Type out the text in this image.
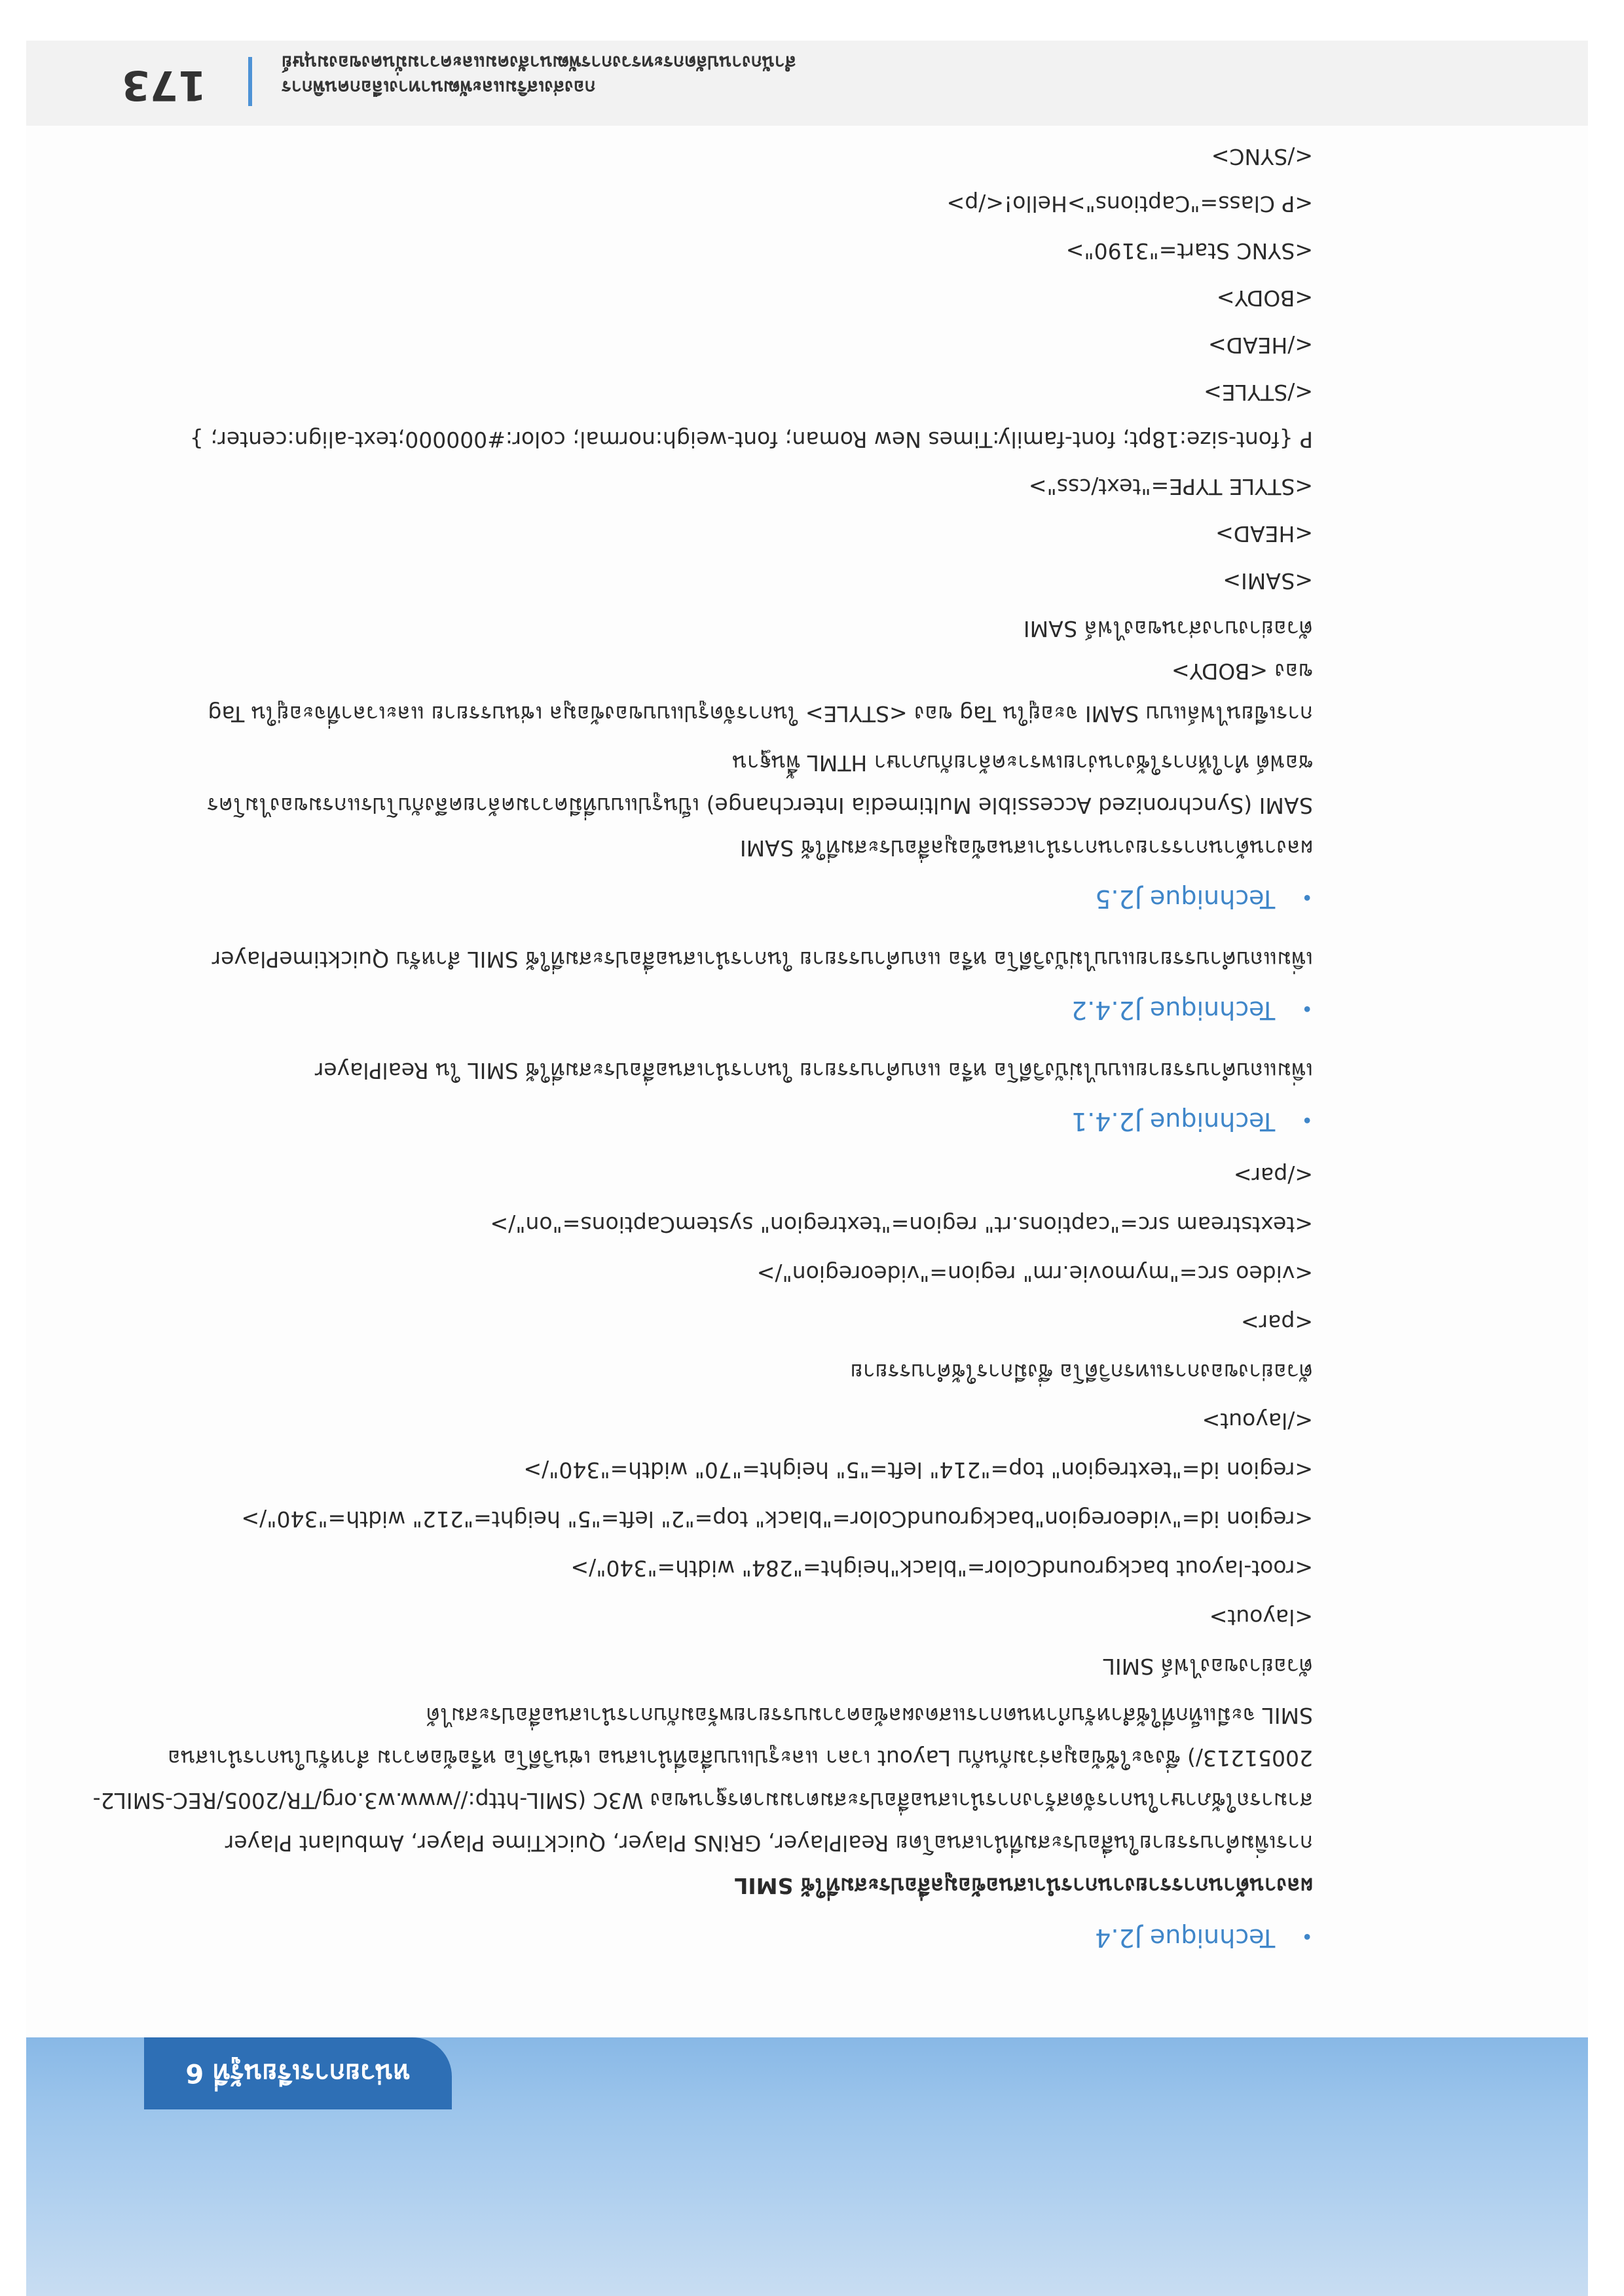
หน่วยการเรียนรู้ที่ 6
•Technique J2.4
ผลงานด้านการรายงานการนำเสนอข้อมูลสื่อประสมที่ใช้ SMIL
การเพิ่มคำบรรยายในสื่อประสมที่นำเสนอโดย RealPlayer, GRiNS Player, QuickTime Player, Ambulant Player
สามารถใช้ภาษาในการจัดสร้างการนำเสนอสื่อประสมตามมาตรฐานของ W3C (SMIL-http://www.w3.org/TR/2005/REC-SMIL2-
20051213/) ซึ่งจะใช้ข้อมูลร่วมกันกับ Layout เวลา และรูปแบบสื่อที่นำเสนอ เช่นวิดีโอ หรือข้อความ สำหรับในการนำเสนอ
SMIL จะมีแท็กที่ใช้สำหรับกำหนดการแสดงผลข้อความบรรยายพร้อมกับการนำเสนอสื่อประสมได้
ตัวอย่างของไฟล์ SMIL
<layout>
<root-layout backgroundColor="black"height="284" width="340"/>
<region id="videoregion"backgroundColor="black" top="2" left="5" height="212" width="340"/>
<region id="textregion" top="214" left="5" height="70" width="340"/>
</layout>
ตัวอย่างของการแทรกวิดีโอ ซึ่งมีการใช้คำบรรยาย
<par>
<video src="mymovie.rm" region="videoregion"/>
<textstream src="captions.rt" region="textregion" systemCaptions="on"/>
</par>
•Technique J2.4.1
เพิ่มแถบคำบรรยายแบบไม่บังวิดีโอ หรือ แถบคำบรรยาย ในการนำเสนอสื่อประสมที่ใช้ SMIL ใน RealPlayer
•Technique J2.4.2
เพิ่มแถบคำบรรยายแบบไม่บังวิดีโอ หรือ แถบคำบรรยาย ในการนำเสนอสื่อประสมที่ใช้ SMIL สำหรับ QuicktimePlayer
•Technique J2.5
ผลงานด้านการรายงานการนำเสนอข้อมูลสื่อประสมที่ใช้ SAMI
SAMI (Synchronized Accessible Multimedia Interchange) เป็นรูปแบบที่มีความคล้ายคลึงกับโปรแกรมของไมโคร
ซอฟต์ ทำให้การใช้งานง่ายเพราะคล้ายกับภาษา HTML พื้นฐาน
การเขียนไฟล์แบบ SAMI จะอยู่ใน Tag ของ <STYLE> ในการจัดรูปแบบของข้อมูล เช่นบรรยาย และเวลาที่จะอยู่ใน Tag
ของ <BODY>
ตัวอย่างบางส่วนของไฟล์ SAMI
<SAMI>
<HEAD>
<STYLE TYPE="text/css">
P {font-size:18pt; font-family:Times New Roman; font-weigh:normal; color:#000000;text-align:center; }
</STYLE>
</HEAD>
<BODY>
<SYNC Start="3190">
<P Class="Captions">Hello!</p>
</SYNC>
กองส่งเสริมและพัฒนาทางเลือกคนพิการ
สำนักงานปลัดกระทรวงการพัฒนาสังคมและความมั่นคงของมนุษย์
173
